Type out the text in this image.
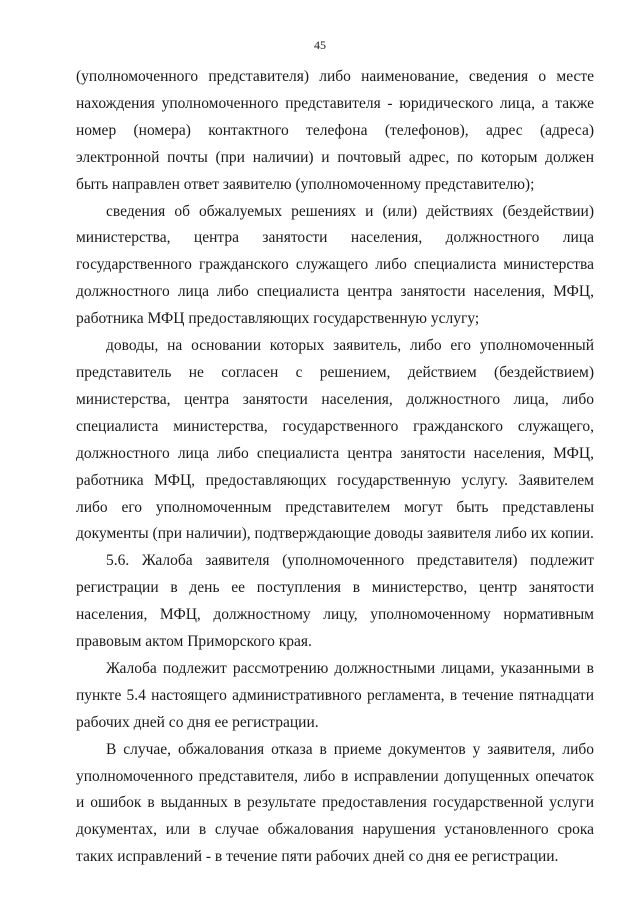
45

(уполномоченного представителя) либо наименование, сведения о месте нахождения уполномоченного представителя - юридического лица, а также номер (номера) контактного телефона (телефонов), адрес (адреса) электронной почты (при наличии) и почтовый адрес, по которым должен быть направлен ответ заявителю (уполномоченному представителю);

сведения об обжалуемых решениях и (или) действиях (бездействии) министерства, центра занятости населения, должностного лица государственного гражданского служащего либо специалиста министерства должностного лица либо специалиста центра занятости населения, МФЦ, работника МФЦ предоставляющих государственную услугу;

доводы, на основании которых заявитель, либо его уполномоченный представитель не согласен с решением, действием (бездействием) министерства, центра занятости населения, должностного лица, либо специалиста министерства, государственного гражданского служащего, должностного лица либо специалиста центра занятости населения, МФЦ, работника МФЦ, предоставляющих государственную услугу. Заявителем либо его уполномоченным представителем могут быть представлены документы (при наличии), подтверждающие доводы заявителя либо их копии.

5.6. Жалоба заявителя (уполномоченного представителя) подлежит регистрации в день ее поступления в министерство, центр занятости населения, МФЦ, должностному лицу, уполномоченному нормативным правовым актом Приморского края.

Жалоба подлежит рассмотрению должностными лицами, указанными в пункте 5.4 настоящего административного регламента, в течение пятнадцати рабочих дней со дня ее регистрации.

В случае, обжалования отказа в приеме документов у заявителя, либо уполномоченного представителя, либо в исправлении допущенных опечаток и ошибок в выданных в результате предоставления государственной услуги документах, или в случае обжалования нарушения установленного срока таких исправлений - в течение пяти рабочих дней со дня ее регистрации.
